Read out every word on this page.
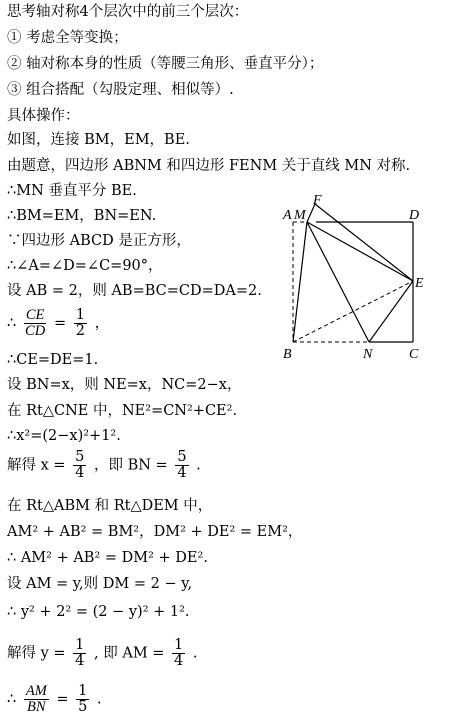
思考轴对称4个层次中的前三个层次：
① 考虑全等变换；
② 轴对称本身的性质（等腰三角形、垂直平分）；
③ 组合搭配（勾股定理、相似等）.
具体操作：
如图，连接 BM，EM，BE.
由题意，四边形 ABNM 和四边形 FENM 关于直线 MN 对称.
∴MN 垂直平分 BE.
∴BM=EM，BN=EN.
∵四边形 ABCD 是正方形，
∴∠A=∠D=∠C=90°，
设 AB = 2，则 AB=BC=CD=DA=2.
∴ $\frac{CE}{CD} = \frac{1}{2}$ ，
∴CE=DE=1.
设 BN=x，则 NE=x，NC=2−x，
在 Rt△CNE 中，NE²=CN²+CE².
∴x²=(2−x)²+1².
解得 $x = \frac{5}{4}$ ，即 BN = $\frac{5}{4}$ .
在 Rt△ABM 和 Rt△DEM 中，
AM² + AB² = BM²，DM² + DE² = EM²，
∴ AM² + AB² = DM² + DE².
设 AM = y,则 DM = 2 − y,
∴ y² + 2² = (2 − y)² + 1².
解得 $y = \frac{1}{4}$ , 即 AM = $\frac{1}{4}$ .
∴ $\frac{AM}{BN} = \frac{1}{5}$ .
A M
F
D
E
B	N	C
